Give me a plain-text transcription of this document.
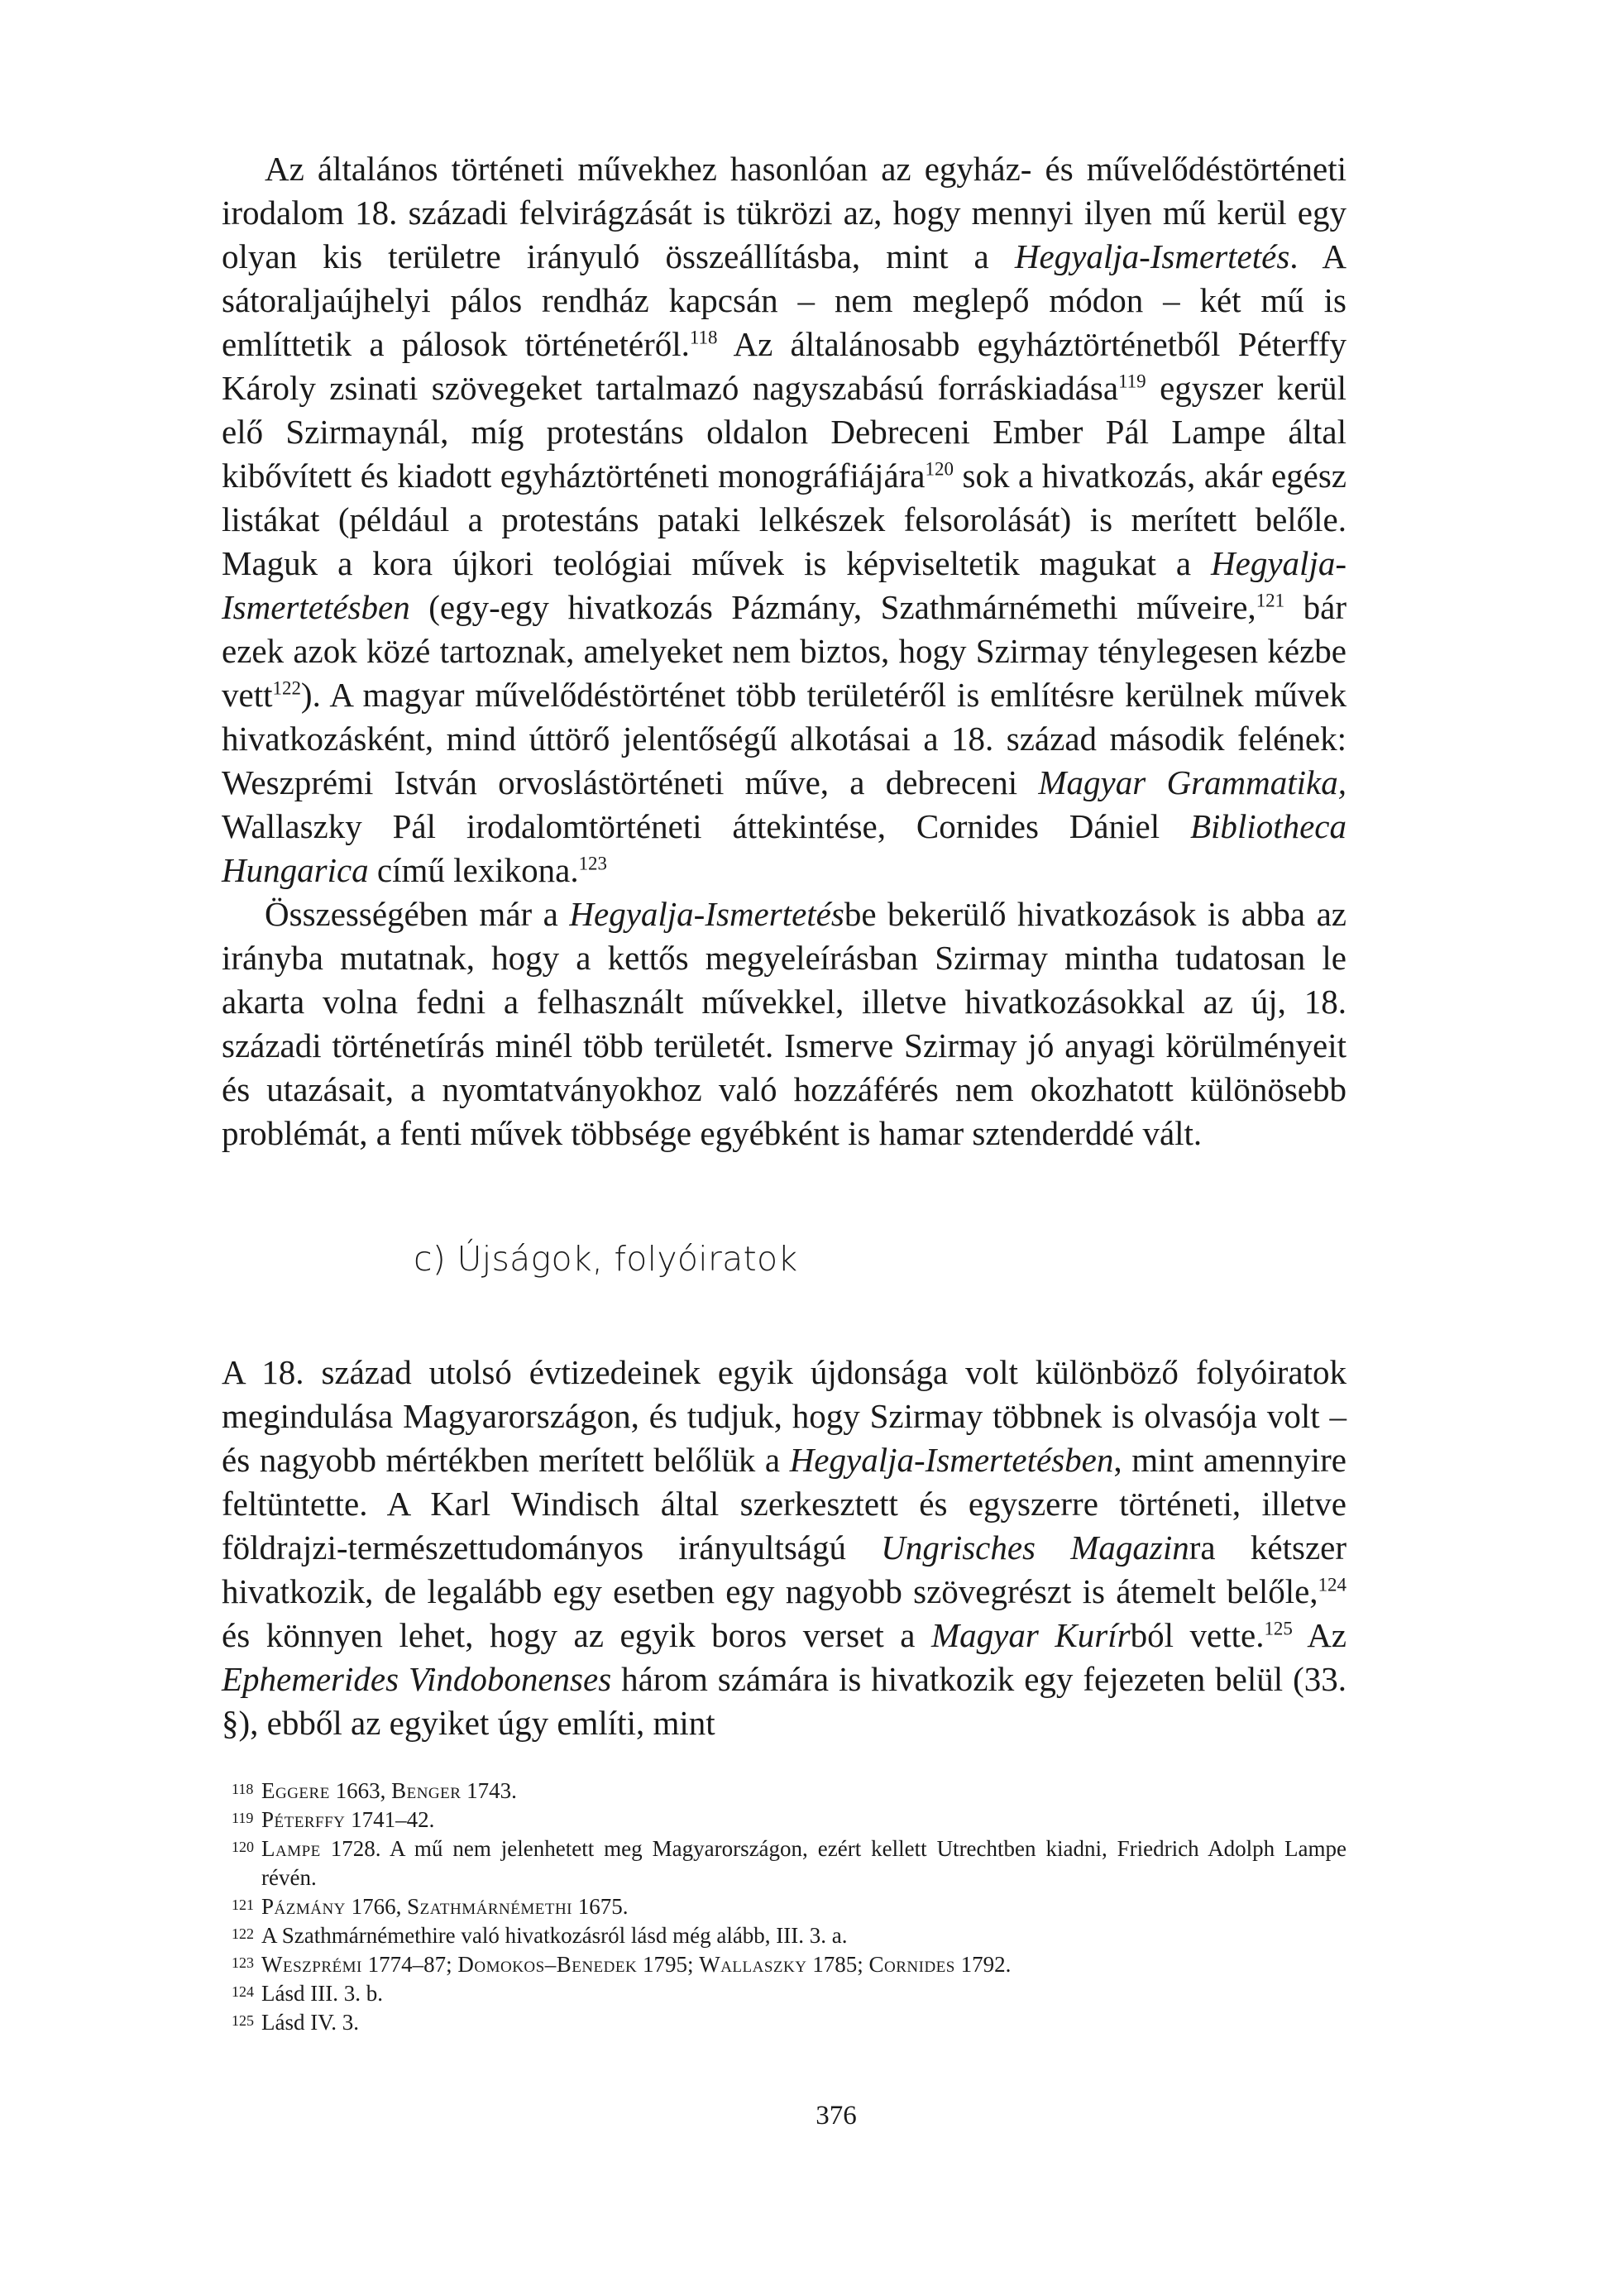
Az általános történeti művekhez hasonlóan az egyház- és művelődéstörténeti irodalom 18. századi felvirágzását is tükrözi az, hogy mennyi ilyen mű kerül egy olyan kis területre irányuló összeállításba, mint a Hegyalja-Ismertetés. A sátoraljaújhelyi pálos rendház kapcsán – nem meglepő módon – két mű is említtetik a pálosok történetéről.$^{118}$ Az általánosabb egyháztörténetből Péterffy Károly zsinati szövegeket tartalmazó nagyszabású forráskiadása$^{119}$ egyszer kerül elő Szirmaynál, míg protestáns oldalon Debreceni Ember Pál Lampe által kibővített és kiadott egyháztörténeti monográfiájára$^{120}$ sok a hivatkozás, akár egész listákat (például a protestáns pataki lelkészek felsorolását) is merített belőle. Maguk a kora újkori teológiai művek is képviseltetik magukat a Hegyalja-Ismertetésben (egy-egy hivatkozás Pázmány, Szathmárnémethi műveire,$^{121}$ bár ezek azok közé tartoznak, amelyeket nem biztos, hogy Szirmay ténylegesen kézbe vett$^{122}$). A magyar művelődéstörténet több területéről is említésre kerülnek művek hivatkozásként, mind úttörő jelentőségű alkotásai a 18. század második felének: Weszprémi István orvoslástörténeti műve, a debreceni Magyar Grammatika, Wallaszky Pál irodalomtörténeti áttekintése, Cornides Dániel Bibliotheca Hungarica című lexikona.$^{123}$

Összességében már a Hegyalja-Ismertetésbe bekerülő hivatkozások is abba az irányba mutatnak, hogy a kettős megyeleírásban Szirmay mintha tudatosan le akarta volna fedni a felhasznált művekkel, illetve hivatkozásokkal az új, 18. századi történetírás minél több területét. Ismerve Szirmay jó anyagi körülményeit és utazásait, a nyomtatványokhoz való hozzáférés nem okozhatott különösebb problémát, a fenti művek többsége egyébként is hamar sztenderddé vált.

c) Újságok, folyóiratok

A 18. század utolsó évtizedeinek egyik újdonsága volt különböző folyóiratok megindulása Magyarországon, és tudjuk, hogy Szirmay többnek is olvasója volt – és nagyobb mértékben merített belőlük a Hegyalja-Ismertetésben, mint amennyire feltüntette. A Karl Windisch által szerkesztett és egyszerre történeti, illetve földrajzi-természettudományos irányultságú Ungrisches Magazinra kétszer hivatkozik, de legalább egy esetben egy nagyobb szövegrészt is átemelt belőle,$^{124}$ és könnyen lehet, hogy az egyik boros verset a Magyar Kurírból vette.$^{125}$ Az Ephemerides Vindobonenses három számára is hivatkozik egy fejezeten belül (33. §), ebből az egyiket úgy említi, mint

118 Eggere 1663, Benger 1743.
119 Péterffy 1741–42.
120 Lampe 1728. A mű nem jelenhetett meg Magyarországon, ezért kellett Utrechtben kiadni, Friedrich Adolph Lampe révén.
121 Pázmány 1766, Szathmárnémethi 1675.
122 A Szathmárnémethire való hivatkozásról lásd még alább, III. 3. a.
123 Weszprémi 1774–87; Domokos–Benedek 1795; Wallaszky 1785; Cornides 1792.
124 Lásd III. 3. b.
125 Lásd IV. 3.
376
